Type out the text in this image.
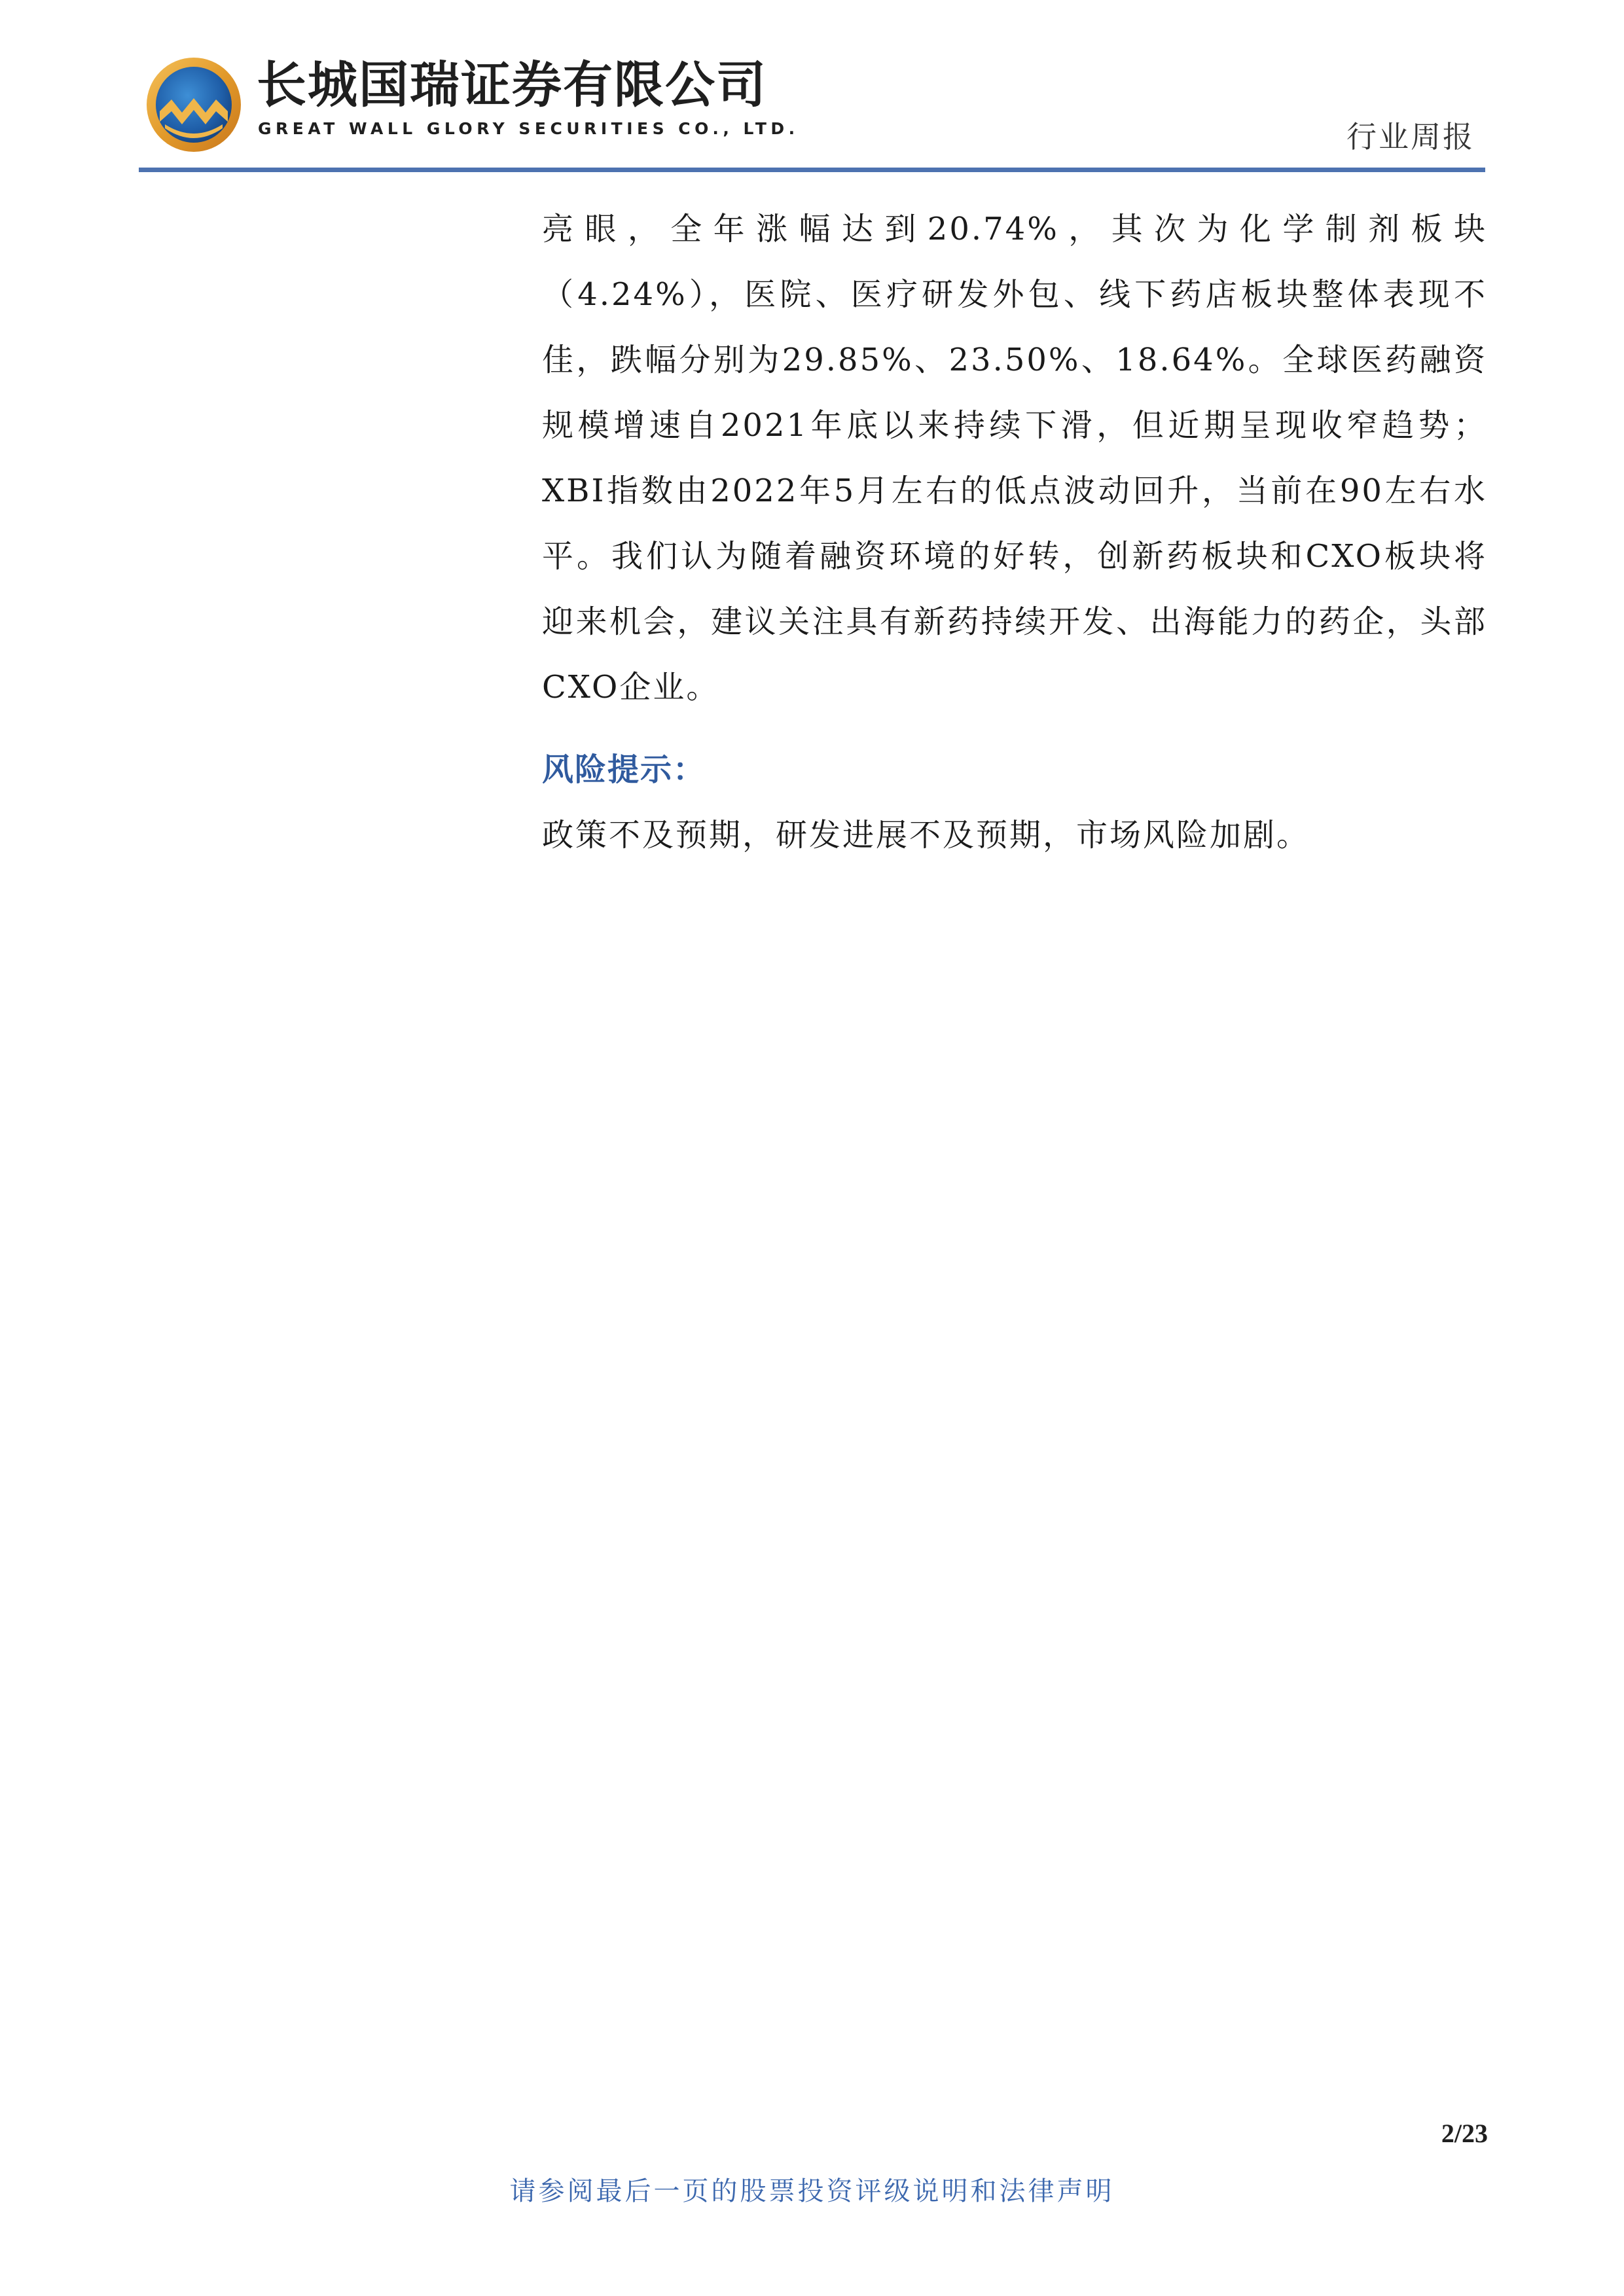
长城国瑞证券有限公司
GREAT WALL GLORY SECURITIES CO., LTD.	行业周报

亮眼，全年涨幅达到20.74%，其次为化学制剂板块（4.24%），医院、医疗研发外包、线下药店板块整体表现不佳，跌幅分别为29.85%、23.50%、18.64%。全球医药融资规模增速自2021年底以来持续下滑，但近期呈现收窄趋势；XBI指数由2022年5月左右的低点波动回升，当前在90左右水平。我们认为随着融资环境的好转，创新药板块和CXO板块将迎来机会，建议关注具有新药持续开发、出海能力的药企，头部CXO企业。

风险提示：

政策不及预期，研发进展不及预期，市场风险加剧。

2/23
请参阅最后一页的股票投资评级说明和法律声明
